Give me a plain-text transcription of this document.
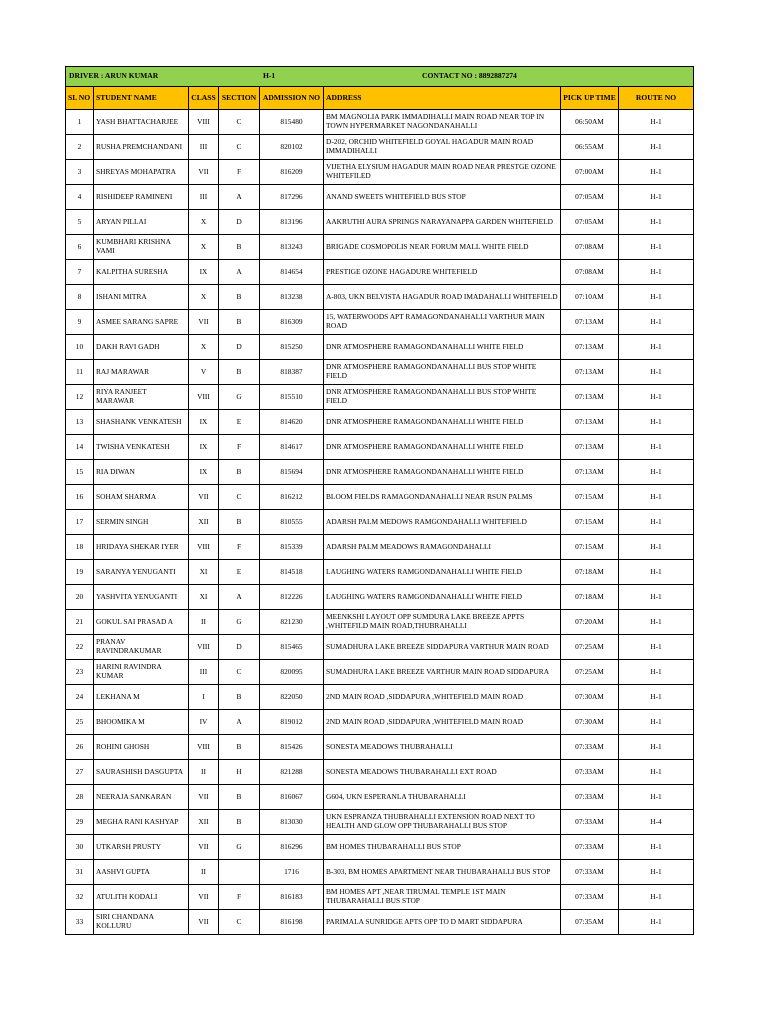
DRIVER : ARUN KUMAR H-1 CONTACT NO : 8892887274							

SL NO	STUDENT NAME	CLASS	SECTION	ADMISSION NO	ADDRESS	PICK UP TIME	ROUTE NO
1	YASH BHATTACHARJEE	VIII	C	815480	BM MAGNOLIA PARK IMMADIHALLI MAIN ROAD NEAR TOP IN TOWN HYPERMARKET NAGONDANAHALLI	06:50AM	H-1
2	RUSHA PREMCHANDANI	III	C	820102	D-202, ORCHID WHITEFIELD GOYAL HAGADUR MAIN ROAD IMMADIHALLI	06:55AM	H-1
3	SHREYAS MOHAPATRA	VII	F	816209	VIJETHA ELYSIUM HAGADUR MAIN ROAD NEAR PRESTGE OZONE WHITEFILED	07:00AM	H-1
4	RISHIDEEP RAMINENI	III	A	817296	ANAND SWEETS WHITEFIELD BUS STOP	07:05AM	H-1
5	ARYAN PILLAI	X	D	813196	AAKRUTHI AURA SPRINGS NARAYANAPPA GARDEN WHITEFIELD	07:05AM	H-1
6	KUMBHARI KRISHNA VAMI	X	B	813243	BRIGADE COSMOPOLIS NEAR FORUM MALL WHITE FIELD	07:08AM	H-1
7	KALPITHA SURESHA	IX	A	814654	PRESTIGE OZONE HAGADURE WHITEFIELD	07:08AM	H-1
8	ISHANI MITRA	X	B	813238	A-803, UKN BELVISTA HAGADUR ROAD IMADAHALLI WHITEFIELD	07:10AM	H-1
9	ASMEE SARANG SAPRE	VII	B	816309	15, WATERWOODS APT RAMAGONDANAHALLI VARTHUR MAIN ROAD	07:13AM	H-1
10	DAKH RAVI GADH	X	D	815250	DNR ATMOSPHERE RAMAGONDANAHALLI WHITE FIELD	07:13AM	H-1
11	RAJ MARAWAR	V	B	818387	DNR ATMOSPHERE RAMAGONDANAHALLI BUS STOP WHITE FIELD	07:13AM	H-1
12	RIYA RANJEET MARAWAR	VIII	G	815510	DNR ATMOSPHERE RAMAGONDANAHALLI BUS STOP WHITE FIELD	07:13AM	H-1
13	SHASHANK VENKATESH	IX	E	814620	DNR ATMOSPHERE RAMAGONDANAHALLI WHITE FIELD	07:13AM	H-1
14	TWISHA VENKATESH	IX	F	814617	DNR ATMOSPHERE RAMAGONDANAHALLI WHITE FIELD	07:13AM	H-1
15	RIA DIWAN	IX	B	815694	DNR ATMOSPHERE RAMAGONDANAHALLI WHITE FIELD	07:13AM	H-1
16	SOHAM SHARMA	VII	C	816212	BLOOM FIELDS RAMAGONDANAHALLI NEAR RSUN PALMS	07:15AM	H-1
17	SERMIN SINGH	XII	B	810555	ADARSH PALM MEDOWS RAMGONDAHALLI WHITEFIELD	07:15AM	H-1
18	HRIDAYA SHEKAR IYER	VIII	F	815339	ADARSH PALM MEADOWS RAMAGONDAHALLI	07:15AM	H-1
19	SARANYA YENUGANTI	XI	E	814518	LAUGHING WATERS RAMGONDANAHALLI WHITE FIELD	07:18AM	H-1
20	YASHVITA YENUGANTI	XI	A	812226	LAUGHING WATERS RAMGONDANAHALLI WHITE FIELD	07:18AM	H-1
21	GOKUL SAI PRASAD A	II	G	821230	MEENKSHI LAYOUT OPP SUMDURA LAKE BREEZE APPTS ,WHITEFILD MAIN ROAD,THUBRAHALLI	07:20AM	H-1
22	PRANAV RAVINDRAKUMAR	VIII	D	815465	SUMADHURA LAKE BREEZE SIDDAPURA VARTHUR MAIN ROAD	07:25AM	H-1
23	HARINI RAVINDRA KUMAR	III	C	820095	SUMADHURA LAKE BREEZE VARTHUR MAIN ROAD SIDDAPURA	07:25AM	H-1
24	LEKHANA M	I	B	822050	2ND MAIN ROAD ,SIDDAPURA ,WHITEFIELD MAIN ROAD	07:30AM	H-1
25	BHOOMIKA M	IV	A	819012	2ND MAIN ROAD ,SIDDAPURA ,WHITEFIELD MAIN ROAD	07:30AM	H-1
26	ROHINI GHOSH	VIII	B	815426	SONESTA MEADOWS THUBRAHALLI	07:33AM	H-1
27	SAURASHISH DASGUPTA	II	H	821288	SONESTA MEADOWS THUBARAHALLI EXT ROAD	07:33AM	H-1
28	NEERAJA SANKARAN	VII	B	816067	G604, UKN ESPERANLA THUBARAHALLI	07:33AM	H-1
29	MEGHA RANI KASHYAP	XII	B	813030	UKN ESPRANZA THUBRAHALLI EXTENSION ROAD NEXT TO HEALTH AND GLOW OPP THUBARAHALLI BUS STOP	07:33AM	H-4
30	UTKARSH PRUSTY	VII	G	816296	BM HOMES THUBARAHALLI BUS STOP	07:33AM	H-1
31	AASHVI GUPTA	II		1716	B-303, BM HOMES APARTMENT NEAR THUBARAHALLI BUS STOP	07:33AM	H-1
32	ATULITH KODALI	VII	F	816183	BM HOMES APT ,NEAR TIRUMAL TEMPLE 1ST MAIN THUBARAHALLI BUS STOP	07:33AM	H-1
33	SIRI CHANDANA KOLLURU	VII	C	816198	PARIMALA SUNRIDGE APTS OPP TO D MART SIDDAPURA	07:35AM	H-1
